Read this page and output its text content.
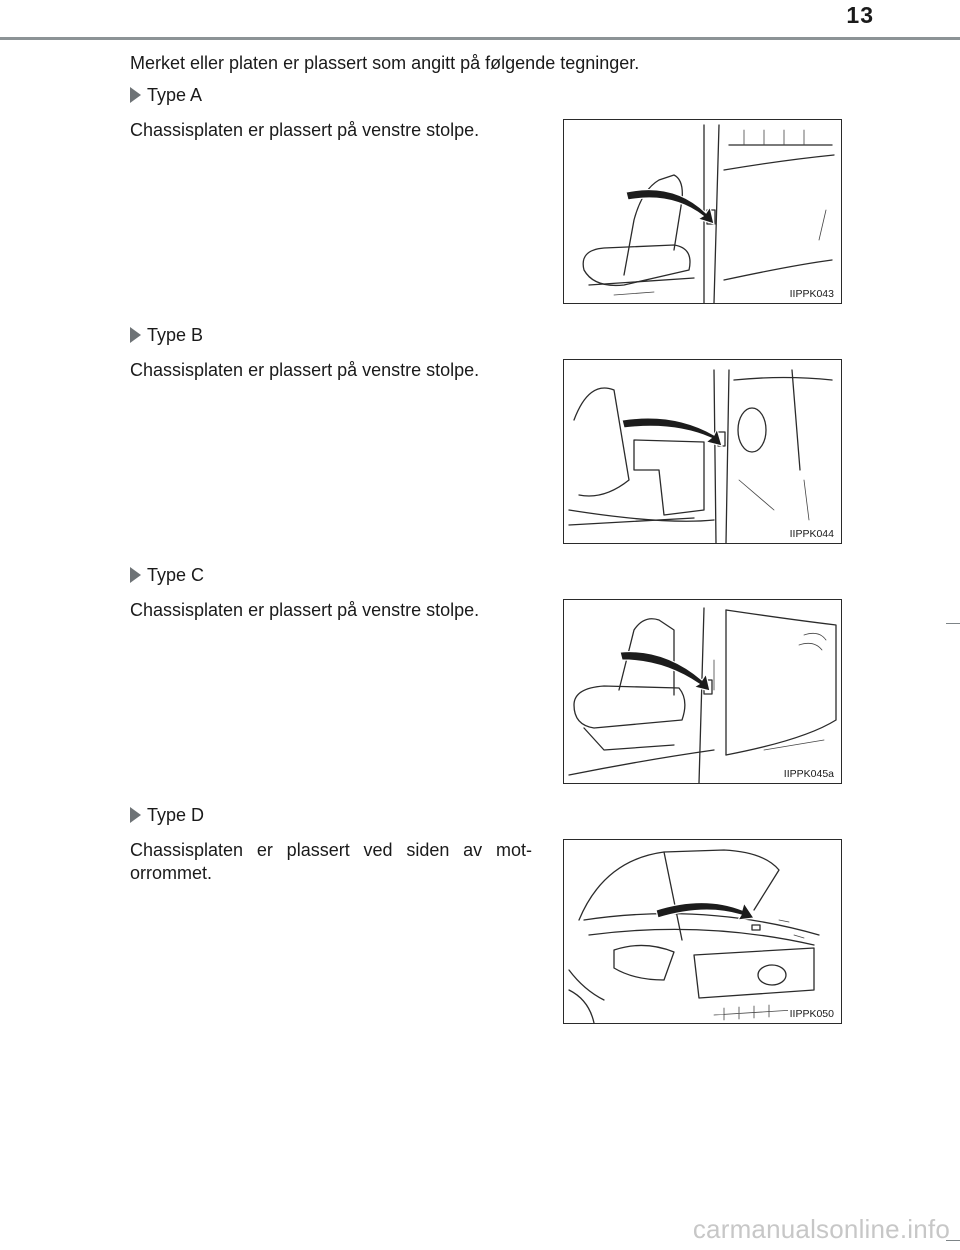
13

Merket eller platen er plassert som angitt på følgende tegninger.

Type A

Chassisplaten er plassert på venstre stolpe.

IIPPK043
Type B

Chassisplaten er plassert på venstre stolpe.

IIPPK044
Type C

Chassisplaten er plassert på venstre stolpe.

IIPPK045a
Type D

Chassisplaten er plassert ved siden av mot-orrommet.

IIPPK050
carmanualsonline.info
